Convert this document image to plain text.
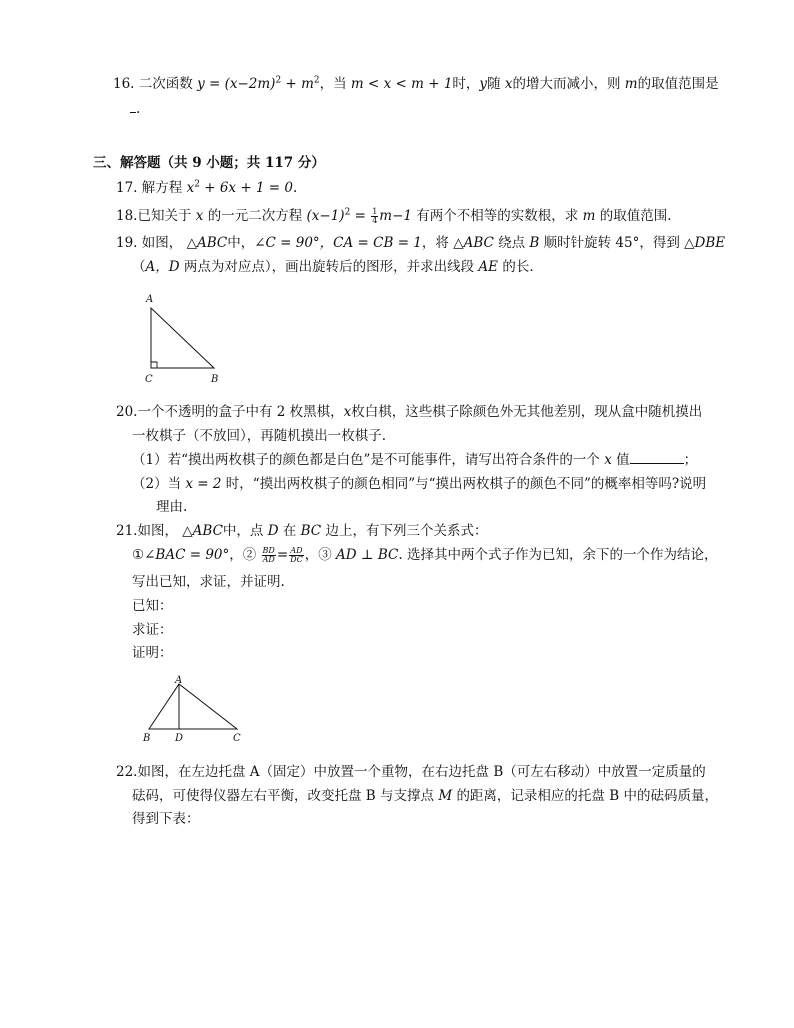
16. 二次函数 $y = (x-2m)^2 + m^2$，当 m < x < m + 1时，y随 x的增大而减小，则 m的取值范围是
.
三、解答题（共 9 小题；共 117 分）
17. 解方程 $x^2 + 6x + 1 = 0$.
18.已知关于 x 的一元二次方程 $(x-1)^2 = \frac{1}{4} m-1$ 有两个不相等的实数根，求 m 的取值范围.
19. 如图， △ABC中，∠C = 90°，CA = CB = 1，将 △ABC 绕点 B 顺时针旋转 45°，得到 △DBE
（A，D 两点为对应点），画出旋转后的图形，并求出线段 AE 的长.
A
C	B
20.一个不透明的盒子中有 2 枚黑棋，x枚白棋，这些棋子除颜色外无其他差别，现从盒中随机摸出
一枚棋子（不放回），再随机摸出一枚棋子.
（1）若“摸出两枚棋子的颜色都是白色”是不可能事件，请写出符合条件的一个 x 值	；
（2）当 x = 2 时，“摸出两枚棋子的颜色相同”与“摸出两枚棋子的颜色不同”的概率相等吗?说明
理由.
21.如图， △ABC中，点 D 在 BC 边上，有下列三个关系式：
①∠BAC = 90°，② $\frac{BD}{AD} = \frac{AD}{DC}$ ，③ AD ⊥ BC. 选择其中两个式子作为已知，余下的一个作为结论，
写出已知，求证，并证明.
已知：
求证：
证明：
A
B D	C
22.如图，在左边托盘 A（固定）中放置一个重物，在右边托盘 B（可左右移动）中放置一定质量的
砝码，可使得仪器左右平衡，改变托盘 B 与支撑点 M 的距离，记录相应的托盘 B 中的砝码质量，
得到下表：
